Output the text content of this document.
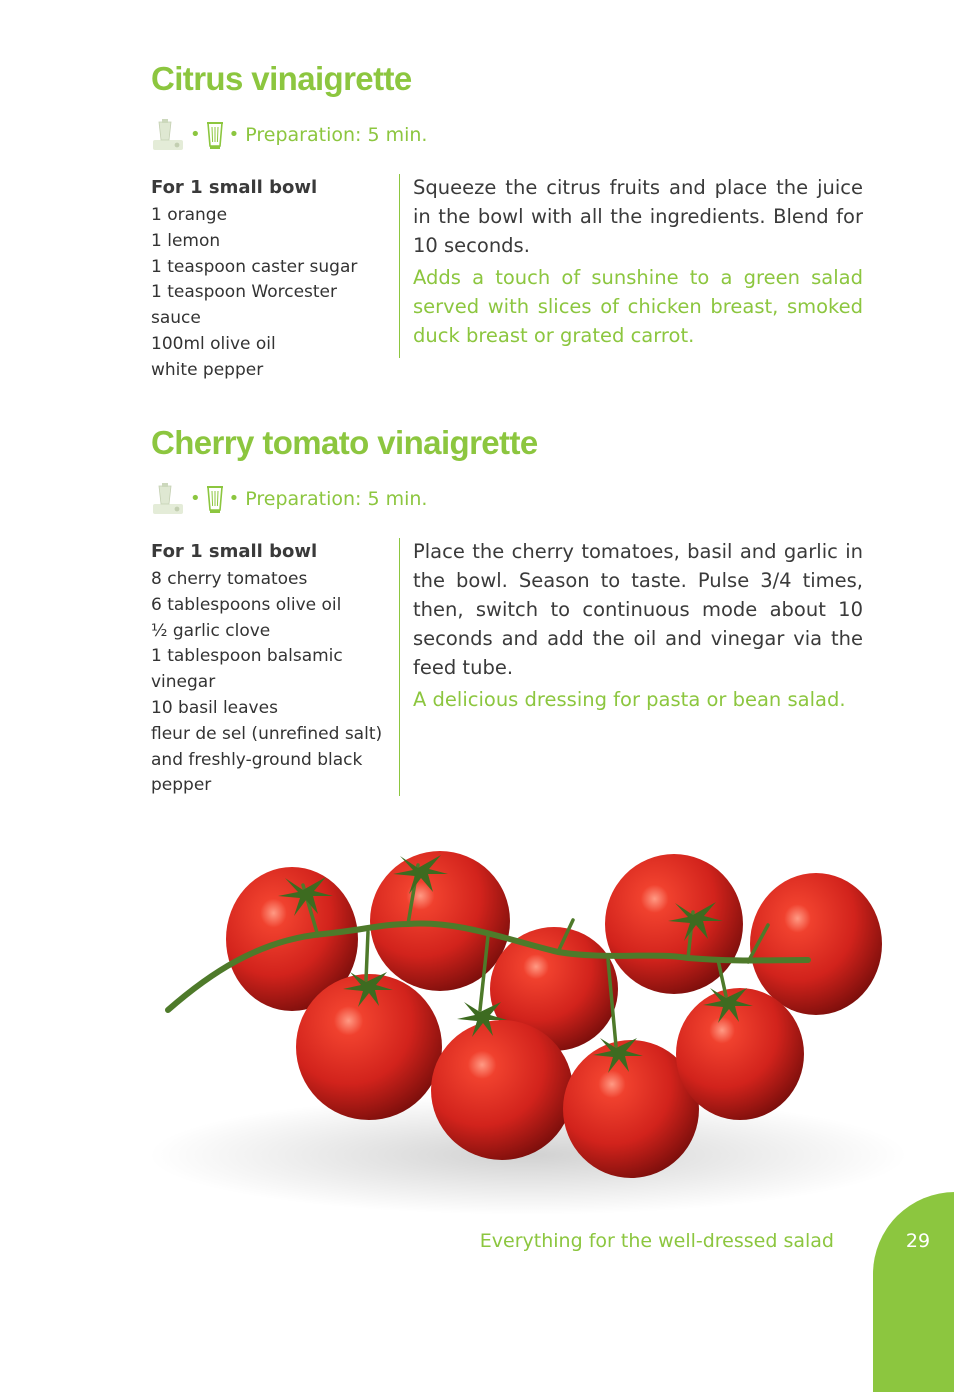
Citrus vinaigrette
• • Preparation: 5 min.
For 1 small bowl
1 orange
1 lemon
1 teaspoon caster sugar
1 teaspoon Worcester sauce
100ml olive oil
white pepper

Squeeze the citrus fruits and place the juice in the bowl with all the ingredients. Blend for 10 seconds.

Adds a touch of sunshine to a green salad served with slices of chicken breast, smoked duck breast or grated carrot.

Cherry tomato vinaigrette
• • Preparation: 5 min.
For 1 small bowl
8 cherry tomatoes
6 tablespoons olive oil
½ garlic clove
1 tablespoon balsamic
vinegar
10 basil leaves
fleur de sel (unrefined salt)
and freshly-ground black
pepper

Place the cherry tomatoes, basil and garlic in the bowl. Season to taste. Pulse 3/4 times, then, switch to continuous mode about 10 seconds and add the oil and vinegar via the feed tube.

A delicious dressing for pasta or bean salad.

Everything for the well-dressed salad	29
